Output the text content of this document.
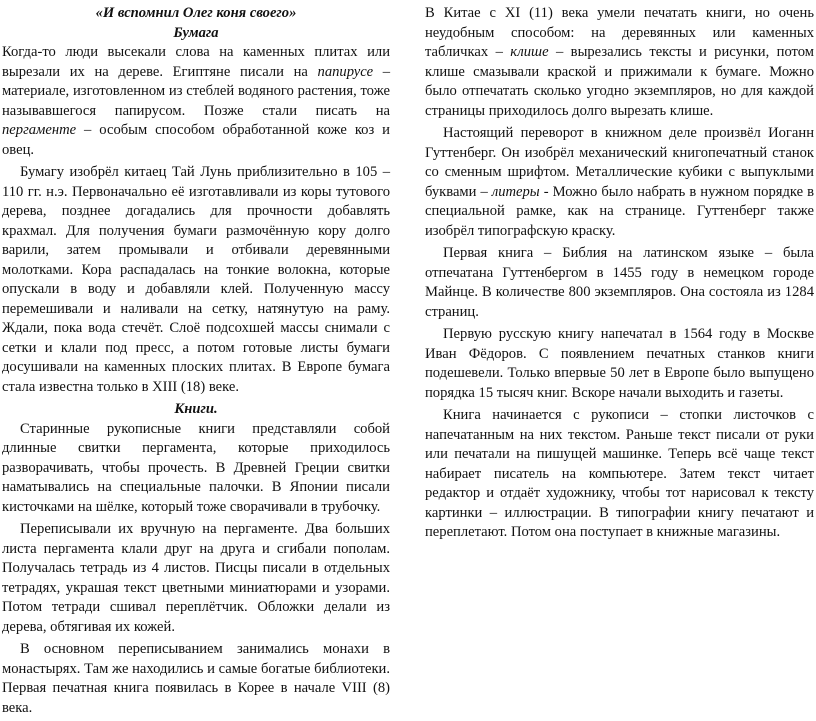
«И вспомнил Олег коня своего»

Бумага

Когда-то люди высекали слова на каменных плитах или вырезали их на дереве. Египтяне писали на папирусе – материале, изготовленном из стеблей водяного растения, тоже называвшегося папирусом. Позже стали писать на пергаменте – особым способом обработанной коже коз и овец.

Бумагу изобрёл китаец Тай Лунь приблизительно в 105 – 110 гг. н.э. Первоначально её изготавливали из коры тутового дерева, позднее догадались для прочности добавлять крахмал. Для получения бумаги размочённую кору долго варили, затем промывали и отбивали деревянными молотками. Кора распадалась на тонкие волокна, которые опускали в воду и добавляли клей. Полученную массу перемешивали и наливали на сетку, натянутую на раму. Ждали, пока вода стечёт. Слоё подсохшей массы снимали с сетки и клали под пресс, а потом готовые листы бумаги досушивали на каменных плоских плитах. В Европе бумага стала известна только в XIII (18) веке.

Книги.

Старинные рукописные книги представляли собой длинные свитки пергамента, которые приходилось разворачивать, чтобы прочесть. В Древней Греции свитки наматывались на специальные палочки. В Японии писали кисточками на шёлке, который тоже сворачивали в трубочку.

Переписывали их вручную на пергаменте. Два больших листа пергамента клали друг на друга и сгибали пополам. Получалась тетрадь из 4 листов. Писцы писали в отдельных тетрадях, украшая текст цветными миниатюрами и узорами. Потом тетради сшивал переплётчик. Обложки делали из дерева, обтягивая их кожей.

В основном переписыванием занимались монахи в монастырях. Там же находились и самые богатые библиотеки. Первая печатная книга появилась в Корее в начале VIII (8) века.

В Китае с XI (11) века умели печатать книги, но очень неудобным способом: на деревянных или каменных табличках – клише – вырезались тексты и рисунки, потом клише смазывали краской и прижимали к бумаге. Можно было отпечатать сколько угодно экземпляров, но для каждой страницы приходилось долго вырезать клише.

Настоящий переворот в книжном деле произвёл Иоганн Гуттенберг. Он изобрёл механический книгопечатный станок со сменным шрифтом. Металлические кубики с выпуклыми буквами – литеры - Можно было набрать в нужном порядке в специальной рамке, как на странице. Гуттенберг также изобрёл типографскую краску.

Первая книга – Библия на латинском языке – была отпечатана Гуттенбергом в 1455 году в немецком городе Майнце. В количестве 800 экземпляров. Она состояла из 1284 страниц.

Первую русскую книгу напечатал в 1564 году в Москве Иван Фёдоров. С появлением печатных станков книги подешевели. Только впервые 50 лет в Европе было выпущено порядка 15 тысяч книг. Вскоре начали выходить и газеты.

Книга начинается с рукописи – стопки листочков с напечатанным на них текстом. Раньше текст писали от руки или печатали на пишущей машинке. Теперь всё чаще текст набирает писатель на компьютере. Затем текст читает редактор и отдаёт художнику, чтобы тот нарисовал к тексту картинки – иллюстрации. В типографии книгу печатают и переплетают. Потом она поступает в книжные магазины.
